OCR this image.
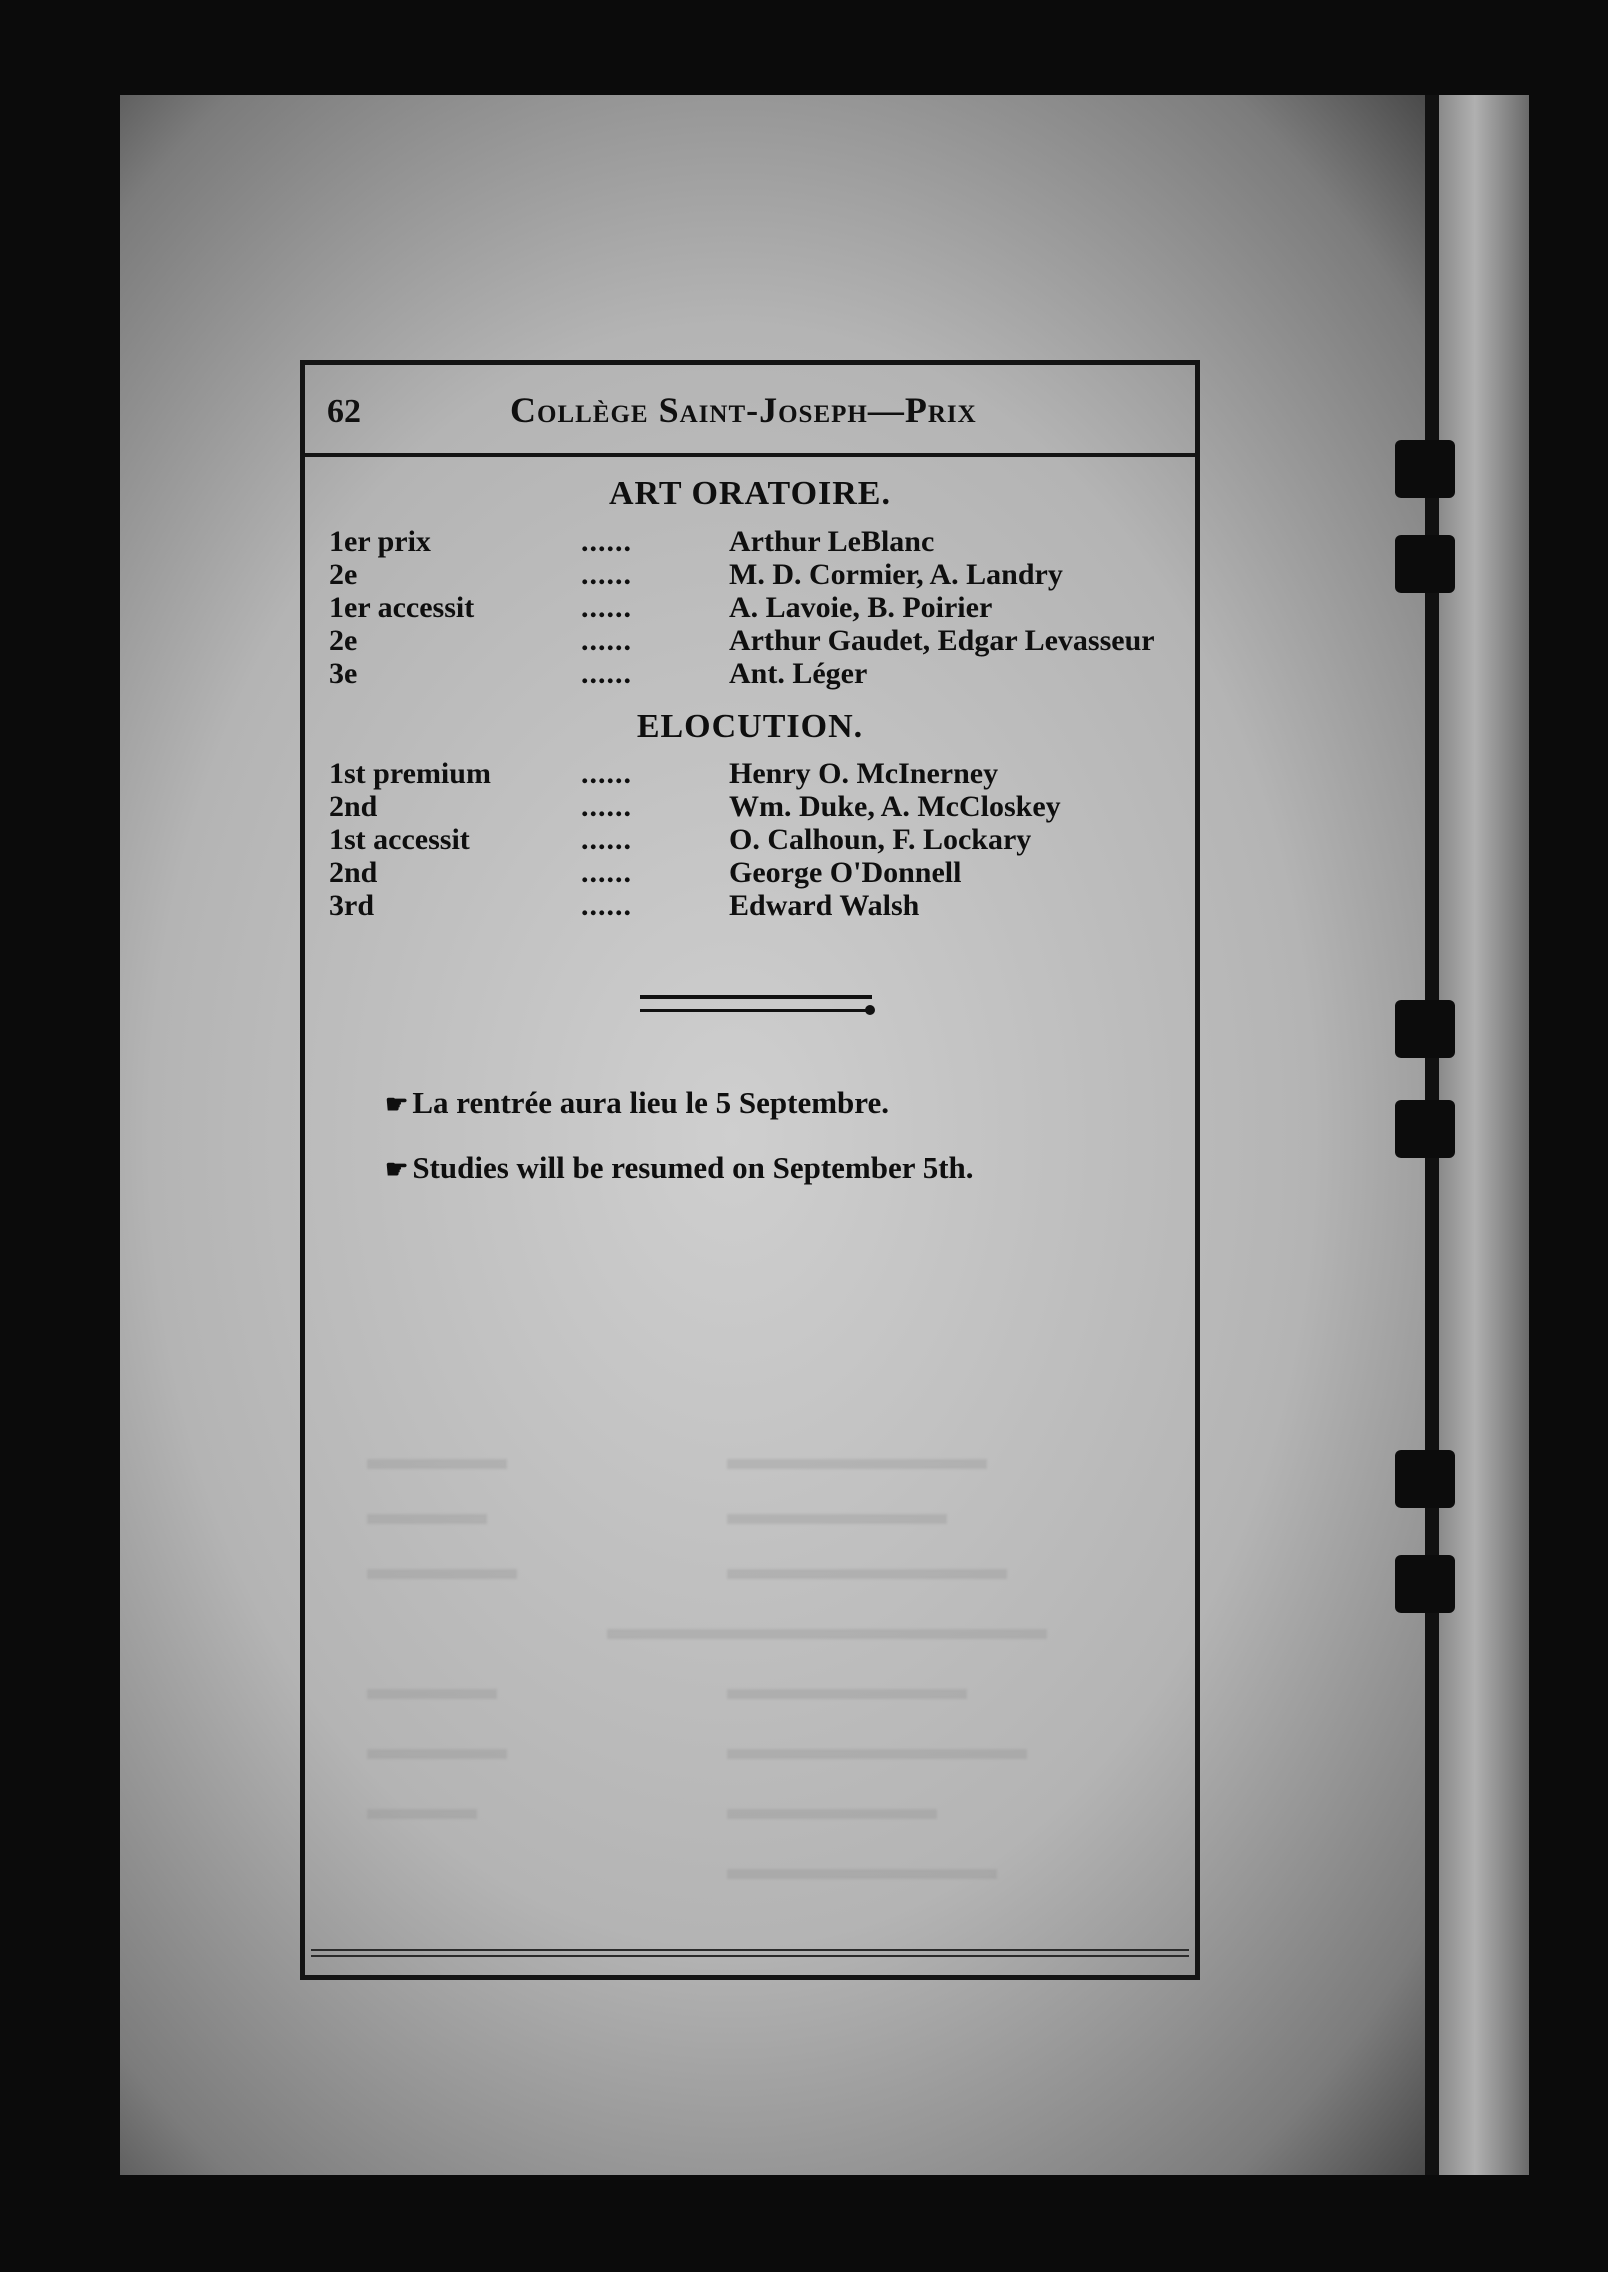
62	Collège Saint-Joseph—Prix
ART ORATOIRE.
1er prix	......	Arthur LeBlanc
2e	......	M. D. Cormier, A. Landry
1er accessit	......	A. Lavoie, B. Poirier
2e	......	Arthur Gaudet, Edgar Levasseur
3e	......	Ant. Léger
ELOCUTION.
1st premium	......	Henry O. McInerney
2nd	......	Wm. Duke, A. McCloskey
1st accessit	......	O. Calhoun, F. Lockary
2nd	......	George O'Donnell
3rd	......	Edward Walsh
☛ La rentrée aura lieu le 5 Septembre.
☛ Studies will be resumed on September 5th.
